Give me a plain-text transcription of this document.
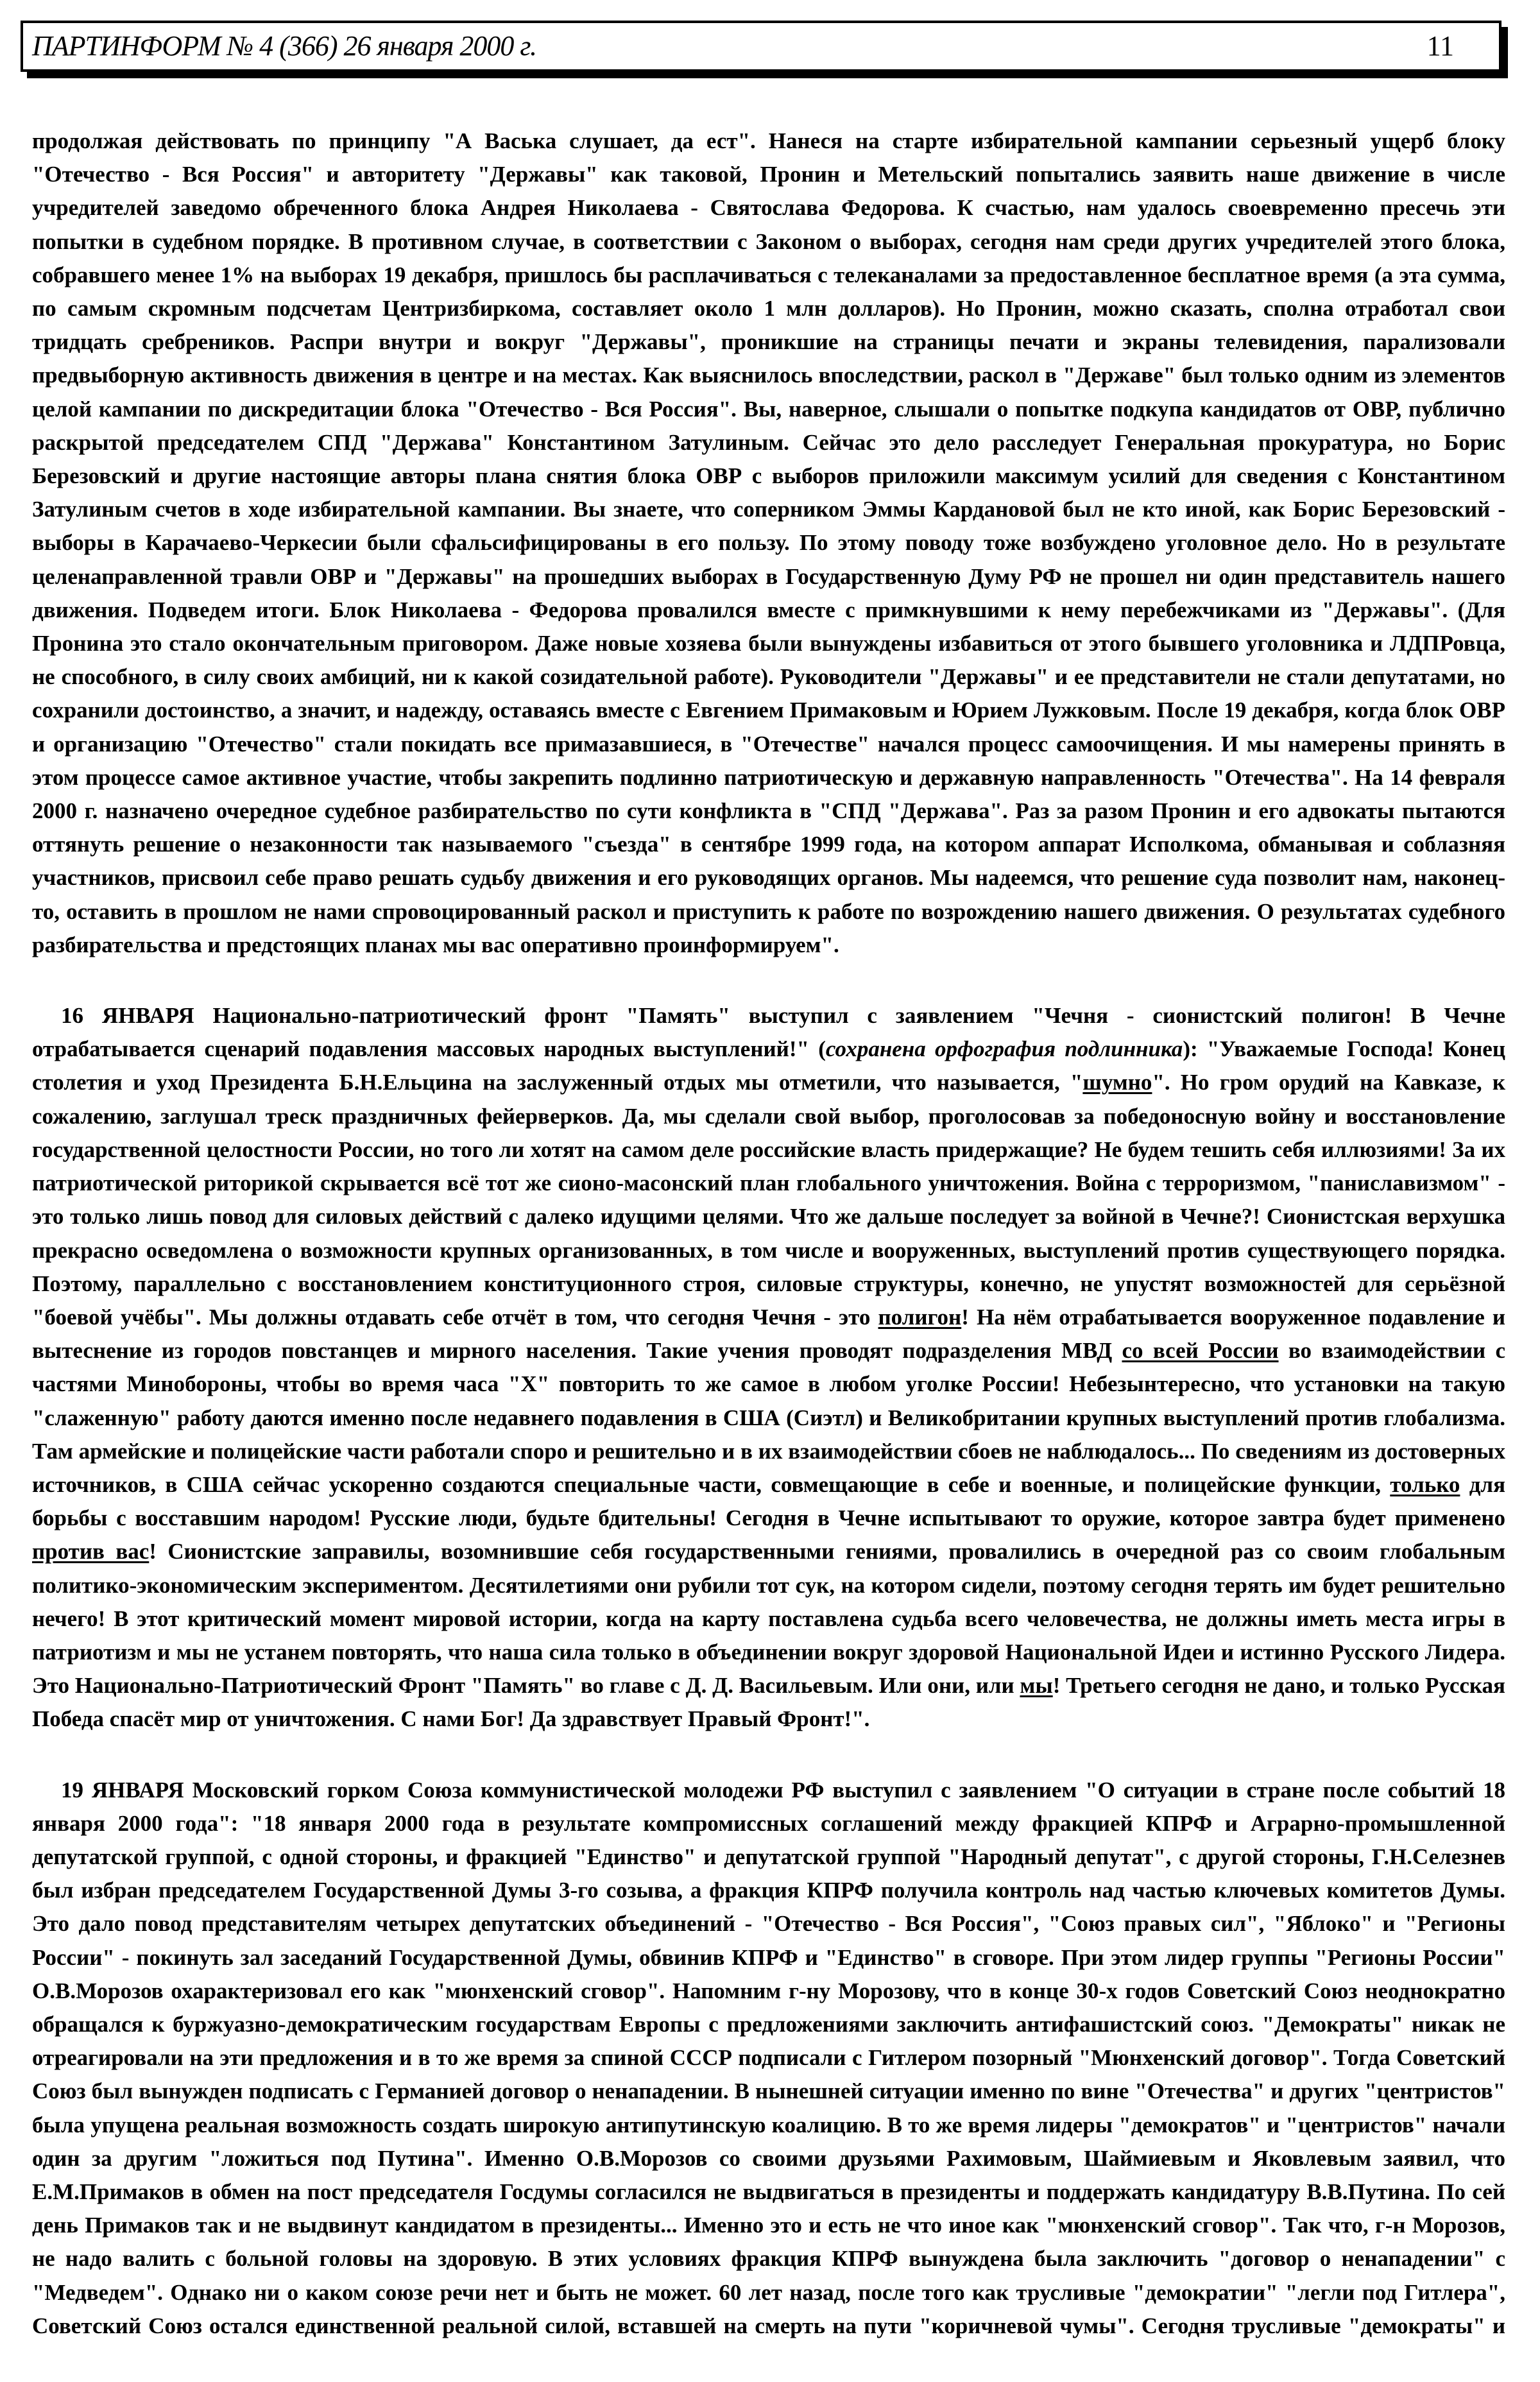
ПАРТИНФОРМ № 4 (366) 26 января 2000 г.	11

продолжая действовать по принципу "А Васька слушает, да ест". Нанеся на старте избирательной кампании серьезный ущерб блоку "Отечество - Вся Россия" и авторитету "Державы" как таковой, Пронин и Метельский попытались заявить наше движение в числе учредителей заведомо обреченного блока Андрея Николаева - Святослава Федорова. К счастью, нам удалось своевременно пресечь эти попытки в судебном порядке. В противном случае, в соответствии с Законом о выборах, сегодня нам среди других учредителей этого блока, собравшего менее 1% на выборах 19 декабря, пришлось бы расплачиваться с телеканалами за предоставленное бесплатное время (а эта сумма, по самым скромным подсчетам Центризбиркома, составляет около 1 млн долларов). Но Пронин, можно сказать, сполна отработал свои тридцать сребреников. Распри внутри и вокруг "Державы", проникшие на страницы печати и экраны телевидения, парализовали предвыборную активность движения в центре и на местах. Как выяснилось впоследствии, раскол в "Державе" был только одним из элементов целой кампании по дискредитации блока "Отечество - Вся Россия". Вы, наверное, слышали о попытке подкупа кандидатов от ОВР, публично раскрытой председателем СПД "Держава" Константином Затулиным. Сейчас это дело расследует Генеральная прокуратура, но Борис Березовский и другие настоящие авторы плана снятия блока ОВР с выборов приложили максимум усилий для сведения с Константином Затулиным счетов в ходе избирательной кампании. Вы знаете, что соперником Эммы Кардановой был не кто иной, как Борис Березовский - выборы в Карачаево-Черкесии были сфальсифицированы в его пользу. По этому поводу тоже возбуждено уголовное дело. Но в результате целенаправленной травли ОВР и "Державы" на прошедших выборах в Государственную Думу РФ не прошел ни один представитель нашего движения. Подведем итоги. Блок Николаева - Федорова провалился вместе с примкнувшими к нему перебежчиками из "Державы". (Для Пронина это стало окончательным приговором. Даже новые хозяева были вынуждены избавиться от этого бывшего уголовника и ЛДПРовца, не способного, в силу своих амбиций, ни к какой созидательной работе). Руководители "Державы" и ее представители не стали депутатами, но сохранили достоинство, а значит, и надежду, оставаясь вместе с Евгением Примаковым и Юрием Лужковым. После 19 декабря, когда блок ОВР и организацию "Отечество" стали покидать все примазавшиеся, в "Отечестве" начался процесс самоочищения. И мы намерены принять в этом процессе самое активное участие, чтобы закрепить подлинно патриотическую и державную направленность "Отечества". На 14 февраля 2000 г. назначено очередное судебное разбирательство по сути конфликта в "СПД "Держава". Раз за разом Пронин и его адвокаты пытаются оттянуть решение о незаконности так называемого "съезда" в сентябре 1999 года, на котором аппарат Исполкома, обманывая и соблазняя участников, присвоил себе право решать судьбу движения и его руководящих органов. Мы надеемся, что решение суда позволит нам, наконец-то, оставить в прошлом не нами спровоцированный раскол и приступить к работе по возрождению нашего движения. О результатах судебного разбирательства и предстоящих планах мы вас оперативно проинформируем".

16 ЯНВАРЯ Национально-патриотический фронт "Память" выступил с заявлением "Чечня - сионистский полигон! В Чечне отрабатывается сценарий подавления массовых народных выступлений!" (сохранена орфография подлинника): "Уважаемые Господа! Конец столетия и уход Президента Б.Н.Ельцина на заслуженный отдых мы отметили, что называется, "шумно". Но гром орудий на Кавказе, к сожалению, заглушал треск праздничных фейерверков. Да, мы сделали свой выбор, проголосовав за победоносную войну и восстановление государственной целостности России, но того ли хотят на самом деле российские власть придержащие? Не будем тешить себя иллюзиями! За их патриотической риторикой скрывается всё тот же сионо-масонский план глобального уничтожения. Война с терроризмом, "паниславизмом" - это только лишь повод для силовых действий с далеко идущими целями. Что же дальше последует за войной в Чечне?! Сионистская верхушка прекрасно осведомлена о возможности крупных организованных, в том числе и вооруженных, выступлений против существующего порядка. Поэтому, параллельно с восстановлением конституционного строя, силовые структуры, конечно, не упустят возможностей для серьёзной "боевой учёбы". Мы должны отдавать себе отчёт в том, что сегодня Чечня - это полигон! На нём отрабатывается вооруженное подавление и вытеснение из городов повстанцев и мирного населения. Такие учения проводят подразделения МВД со всей России во взаимодействии с частями Минобороны, чтобы во время часа "Х" повторить то же самое в любом уголке России! Небезынтересно, что установки на такую "слаженную" работу даются именно после недавнего подавления в США (Сиэтл) и Великобритании крупных выступлений против глобализма. Там армейские и полицейские части работали споро и решительно и в их взаимодействии сбоев не наблюдалось... По сведениям из достоверных источников, в США сейчас ускоренно создаются специальные части, совмещающие в себе и военные, и полицейские функции, только для борьбы с восставшим народом! Русские люди, будьте бдительны! Сегодня в Чечне испытывают то оружие, которое завтра будет применено против вас! Сионистские заправилы, возомнившие себя государственными гениями, провалились в очередной раз со своим глобальным политико-экономическим экспериментом. Десятилетиями они рубили тот сук, на котором сидели, поэтому сегодня терять им будет решительно нечего! В этот критический момент мировой истории, когда на карту поставлена судьба всего человечества, не должны иметь места игры в патриотизм и мы не устанем повторять, что наша сила только в объединении вокруг здоровой Национальной Идеи и истинно Русского Лидера. Это Национально-Патриотический Фронт "Память" во главе с Д. Д. Васильевым. Или они, или мы! Третьего сегодня не дано, и только Русская Победа спасёт мир от уничтожения. С нами Бог! Да здравствует Правый Фронт!".

19 ЯНВАРЯ Московский горком Союза коммунистической молодежи РФ выступил с заявлением "О ситуации в стране после событий 18 января 2000 года": "18 января 2000 года в результате компромиссных соглашений между фракцией КПРФ и Аграрно-промышленной депутатской группой, с одной стороны, и фракцией "Единство" и депутатской группой "Народный депутат", с другой стороны, Г.Н.Селезнев был избран председателем Государственной Думы 3-го созыва, а фракция КПРФ получила контроль над частью ключевых комитетов Думы. Это дало повод представителям четырех депутатских объединений - "Отечество - Вся Россия", "Союз правых сил", "Яблоко" и "Регионы России" - покинуть зал заседаний Государственной Думы, обвинив КПРФ и "Единство" в сговоре. При этом лидер группы "Регионы России" О.В.Морозов охарактеризовал его как "мюнхенский сговор". Напомним г-ну Морозову, что в конце 30-х годов Советский Союз неоднократно обращался к буржуазно-демократическим государствам Европы с предложениями заключить антифашистский союз. "Демократы" никак не отреагировали на эти предложения и в то же время за спиной СССР подписали с Гитлером позорный "Мюнхенский договор". Тогда Советский Союз был вынужден подписать с Германией договор о ненападении. В нынешней ситуации именно по вине "Отечества" и других "центристов" была упущена реальная возможность создать широкую антипутинскую коалицию. В то же время лидеры "демократов" и "центристов" начали один за другим "ложиться под Путина". Именно О.В.Морозов со своими друзьями Рахимовым, Шаймиевым и Яковлевым заявил, что Е.М.Примаков в обмен на пост председателя Госдумы согласился не выдвигаться в президенты и поддержать кандидатуру В.В.Путина. По сей день Примаков так и не выдвинут кандидатом в президенты... Именно это и есть не что иное как "мюнхенский сговор". Так что, г-н Морозов, не надо валить с больной головы на здоровую. В этих условиях фракция КПРФ вынуждена была заключить "договор о ненападении" с "Медведем". Однако ни о каком союзе речи нет и быть не может. 60 лет назад, после того как трусливые "демократии" "легли под Гитлера", Советский Союз остался единственной реальной силой, вставшей на смерть на пути "коричневой чумы". Сегодня трусливые "демократы" и
